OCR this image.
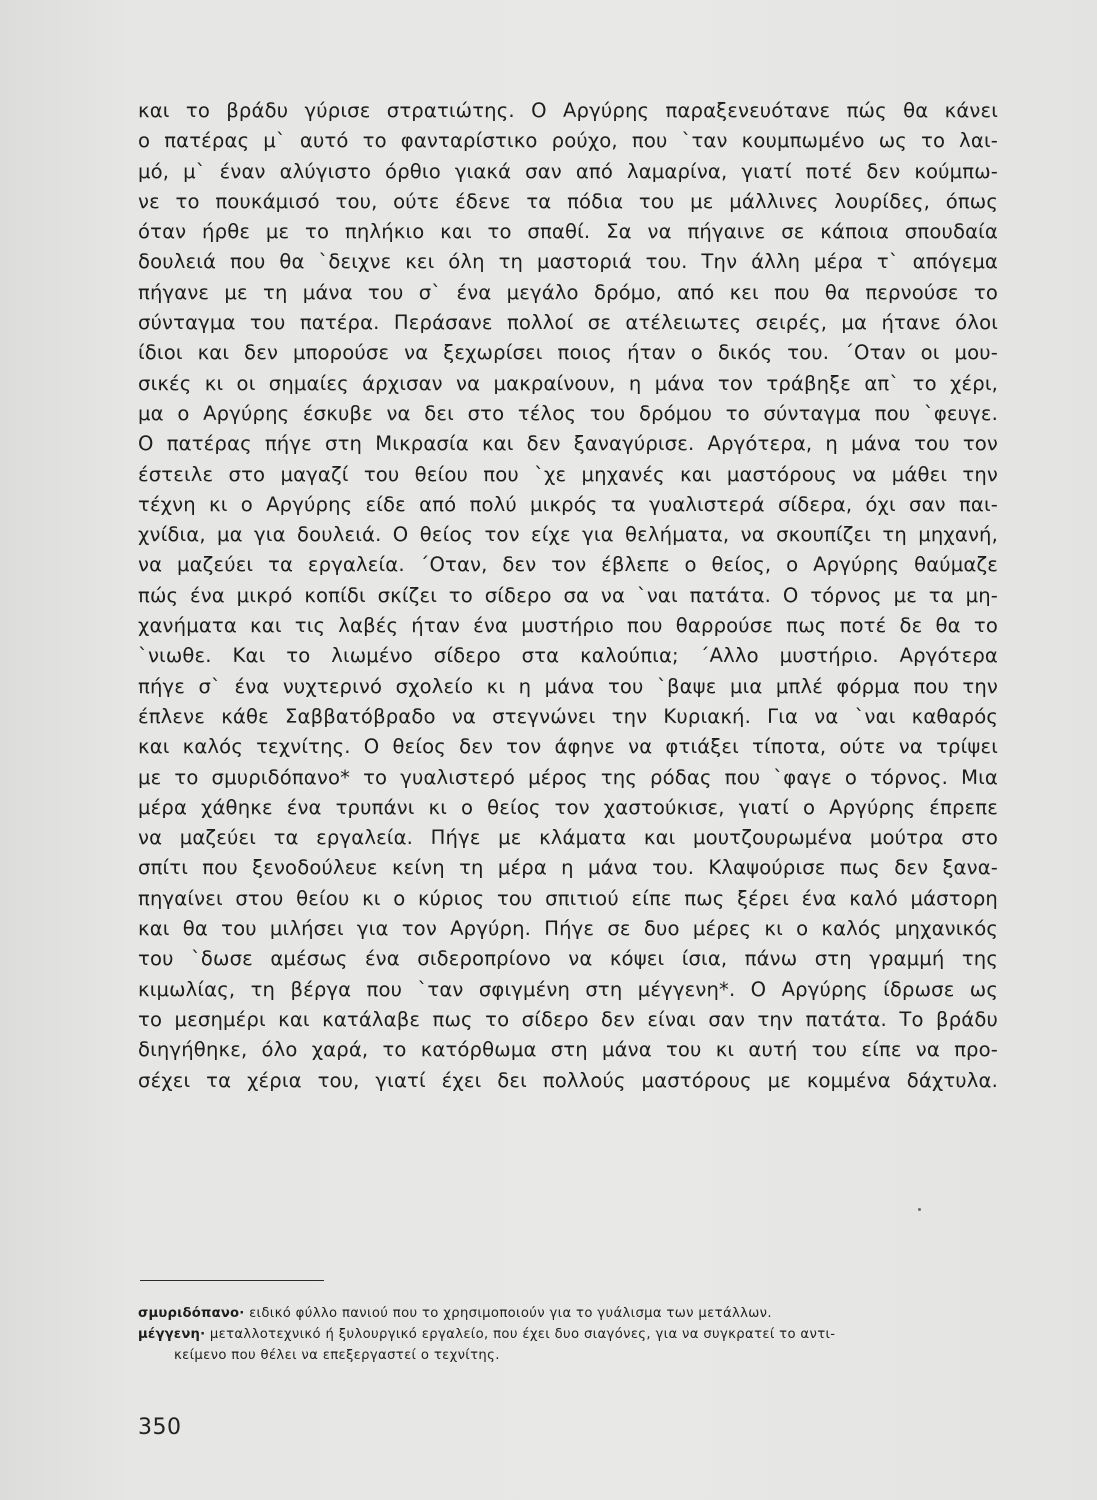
και το βράδυ γύρισε στρατιώτης. Ο Αργύρης παραξενευότανε πώς θα κάνει
ο πατέρας μ` αυτό το φανταρίστικο ρούχο, που `ταν κουμπωμένο ως το λαι-
μό, μ` έναν αλύγιστο όρθιο γιακά σαν από λαμαρίνα, γιατί ποτέ δεν κούμπω-
νε το πουκάμισό του, ούτε έδενε τα πόδια του με μάλλινες λουρίδες, όπως
όταν ήρθε με το πηλήκιο και το σπαθί. Σα να πήγαινε σε κάποια σπουδαία
δουλειά που θα `δειχνε κει όλη τη μαστοριά του. Την άλλη μέρα τ` απόγεμα
πήγανε με τη μάνα του σ` ένα μεγάλο δρόμο, από κει που θα περνούσε το
σύνταγμα του πατέρα. Περάσανε πολλοί σε ατέλειωτες σειρές, μα ήτανε όλοι
ίδιοι και δεν μπορούσε να ξεχωρίσει ποιος ήταν ο δικός του. ΄Οταν οι μου-
σικές κι οι σημαίες άρχισαν να μακραίνουν, η μάνα τον τράβηξε απ` το χέρι,
μα ο Αργύρης έσκυβε να δει στο τέλος του δρόμου το σύνταγμα που `φευγε.
Ο πατέρας πήγε στη Μικρασία και δεν ξαναγύρισε. Αργότερα, η μάνα του τον
έστειλε στο μαγαζί του θείου που `χε μηχανές και μαστόρους να μάθει την
τέχνη κι ο Αργύρης είδε από πολύ μικρός τα γυαλιστερά σίδερα, όχι σαν παι-
χνίδια, μα για δουλειά. Ο θείος τον είχε για θελήματα, να σκουπίζει τη μηχανή,
να μαζεύει τα εργαλεία. ΄Οταν, δεν τον έβλεπε ο θείος, ο Αργύρης θαύμαζε
πώς ένα μικρό κοπίδι σκίζει το σίδερο σα να `ναι πατάτα. Ο τόρνος με τα μη-
χανήματα και τις λαβές ήταν ένα μυστήριο που θαρρούσε πως ποτέ δε θα το
`νιωθε. Και το λιωμένο σίδερο στα καλούπια; ΄Αλλο μυστήριο. Αργότερα
πήγε σ` ένα νυχτερινό σχολείο κι η μάνα του `βαψε μια μπλέ φόρμα που την
έπλενε κάθε Σαββατόβραδο να στεγνώνει την Κυριακή. Για να `ναι καθαρός
και καλός τεχνίτης. Ο θείος δεν τον άφηνε να φτιάξει τίποτα, ούτε να τρίψει
με το σμυριδόπανο* το γυαλιστερό μέρος της ρόδας που `φαγε ο τόρνος. Μια
μέρα χάθηκε ένα τρυπάνι κι ο θείος τον χαστούκισε, γιατί ο Αργύρης έπρεπε
να μαζεύει τα εργαλεία. Πήγε με κλάματα και μουτζουρωμένα μούτρα στο
σπίτι που ξενοδούλευε κείνη τη μέρα η μάνα του. Κλαψούρισε πως δεν ξανα-
πηγαίνει στου θείου κι ο κύριος του σπιτιού είπε πως ξέρει ένα καλό μάστορη
και θα του μιλήσει για τον Αργύρη. Πήγε σε δυο μέρες κι ο καλός μηχανικός
του `δωσε αμέσως ένα σιδεροπρίονο να κόψει ίσια, πάνω στη γραμμή της
κιμωλίας, τη βέργα που `ταν σφιγμένη στη μέγγενη*. Ο Αργύρης ίδρωσε ως
το μεσημέρι και κατάλαβε πως το σίδερο δεν είναι σαν την πατάτα. Το βράδυ
διηγήθηκε, όλο χαρά, το κατόρθωμα στη μάνα του κι αυτή του είπε να προ-
σέχει τα χέρια του, γιατί έχει δει πολλούς μαστόρους με κομμένα δάχτυλα.
σμυριδόπανο· ειδικό φύλλο πανιού που το χρησιμοποιούν για το γυάλισμα των μετάλλων.
μέγγενη· μεταλλοτεχνικό ή ξυλουργικό εργαλείο, που έχει δυο σιαγόνες, για να συγκρατεί το αντι-
κείμενο που θέλει να επεξεργαστεί ο τεχνίτης.
350
